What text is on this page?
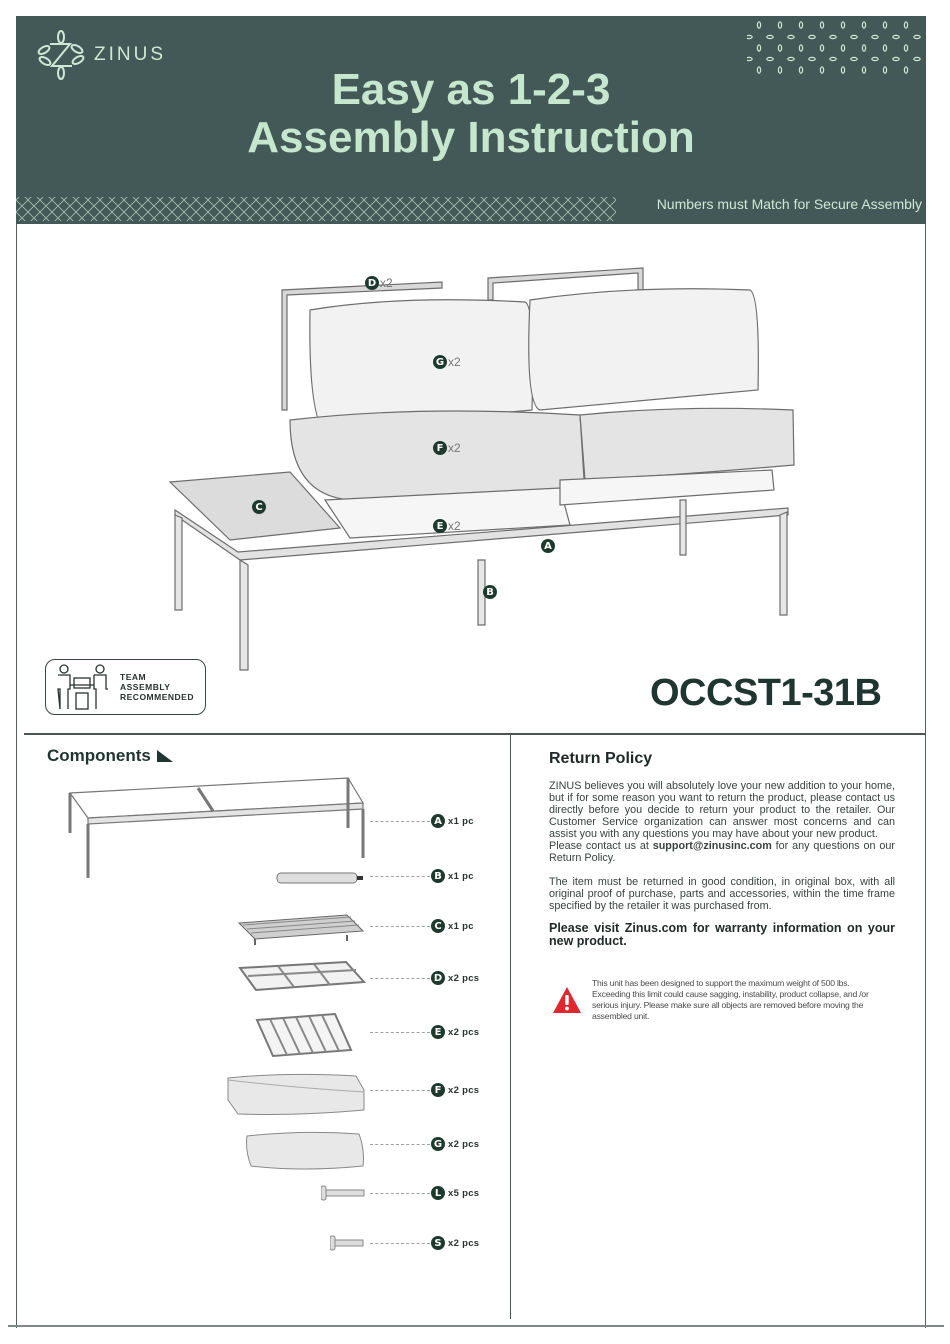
ZINUS
Easy as 1-2-3
Assembly Instruction
Numbers must Match for Secure Assembly
D x2
G x2
F x2
C
E x2
A
B
TEAM
ASSEMBLY
RECOMMENDED	OCCST1-31B
Components
A x1 pc
B x1 pc
C x1 pc
D x2 pcs
E x2 pcs
F x2 pcs
G x2 pcs
L x5 pcs
S x2 pcs
Return Policy

ZINUS believes you will absolutely love your new addition to your home, but if for some reason you want to return the product, please contact us directly before you decide to return your product to the retailer. Our Customer Service organization can answer most concerns and can assist you with any questions you may have about your new product.
Please contact us at support@zinusinc.com for any questions on our Return Policy.

The item must be returned in good condition, in original box, with all original proof of purchase, parts and accessories, within the time frame specified by the retailer it was purchased from.

Please visit Zinus.com for warranty information on your new product.
This unit has been designed to support the maximum weight of 500 lbs. Exceeding this limit could cause sagging, instability, product collapse, and /or serious injury. Please make sure all objects are removed before moving the assembled unit.
